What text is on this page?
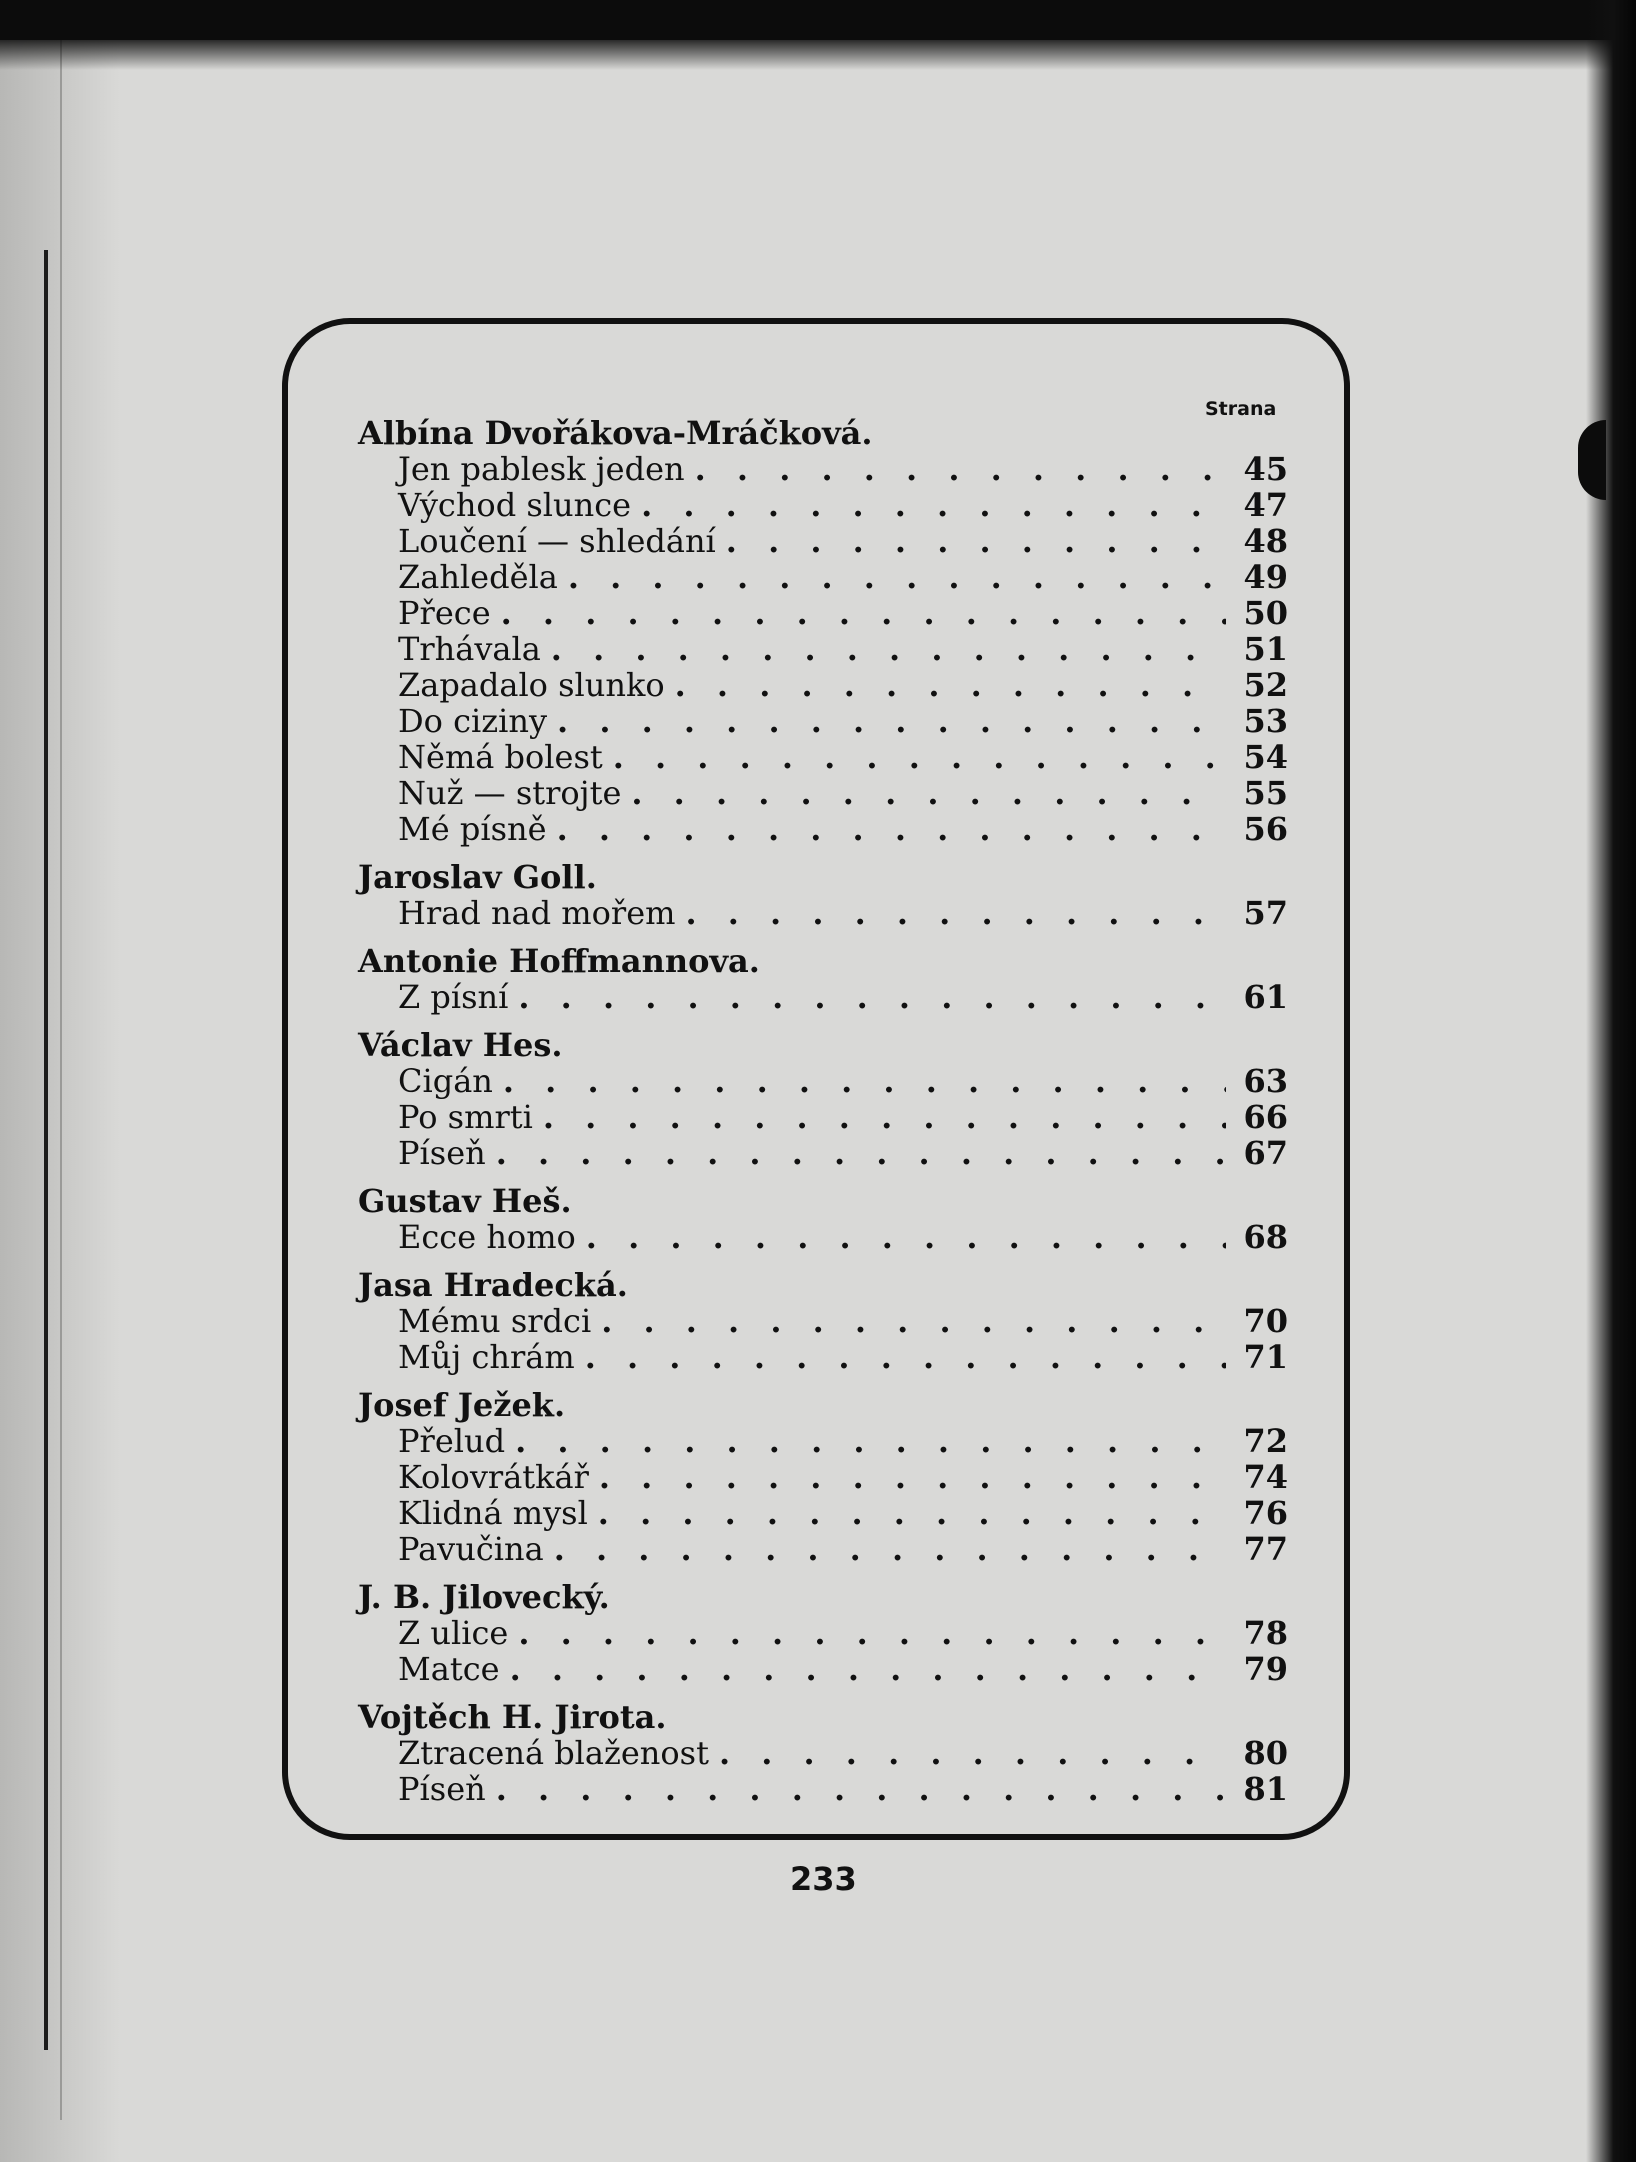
Strana
Albína Dvořákova-Mráčková.
Jen pablesk jeden . . .	45
Východ slunce . . .	47
Loučení — shledání . . .	48
Zahleděla . . .	49
Přece . . .	50
Trhávala . . .	51
Zapadalo slunko . . .	52
Do ciziny . . .	53
Němá bolest . . .	54
Nuž — strojte . . .	55
Mé písně . . .	56
Jaroslav Goll.
Hrad nad mořem . . .	57
Antonie Hoffmannova.
Z písní . . .	61
Václav Hes.
Cigán . . .	63
Po smrti . . .	66
Píseň . . .	67
Gustav Heš.
Ecce homo . . .	68
Jasa Hradecká.
Mému srdci . . .	70
Můj chrám . . .	71
Josef Ježek.
Přelud . . .	72
Kolovrátkář . . .	74
Klidná mysl . . .	76
Pavučina . . .	77
J. B. Jilovecký.
Z ulice . . .	78
Matce . . .	79
Vojtěch H. Jirota.
Ztracená blaženost . . .	80
Píseň . . .	81
233
